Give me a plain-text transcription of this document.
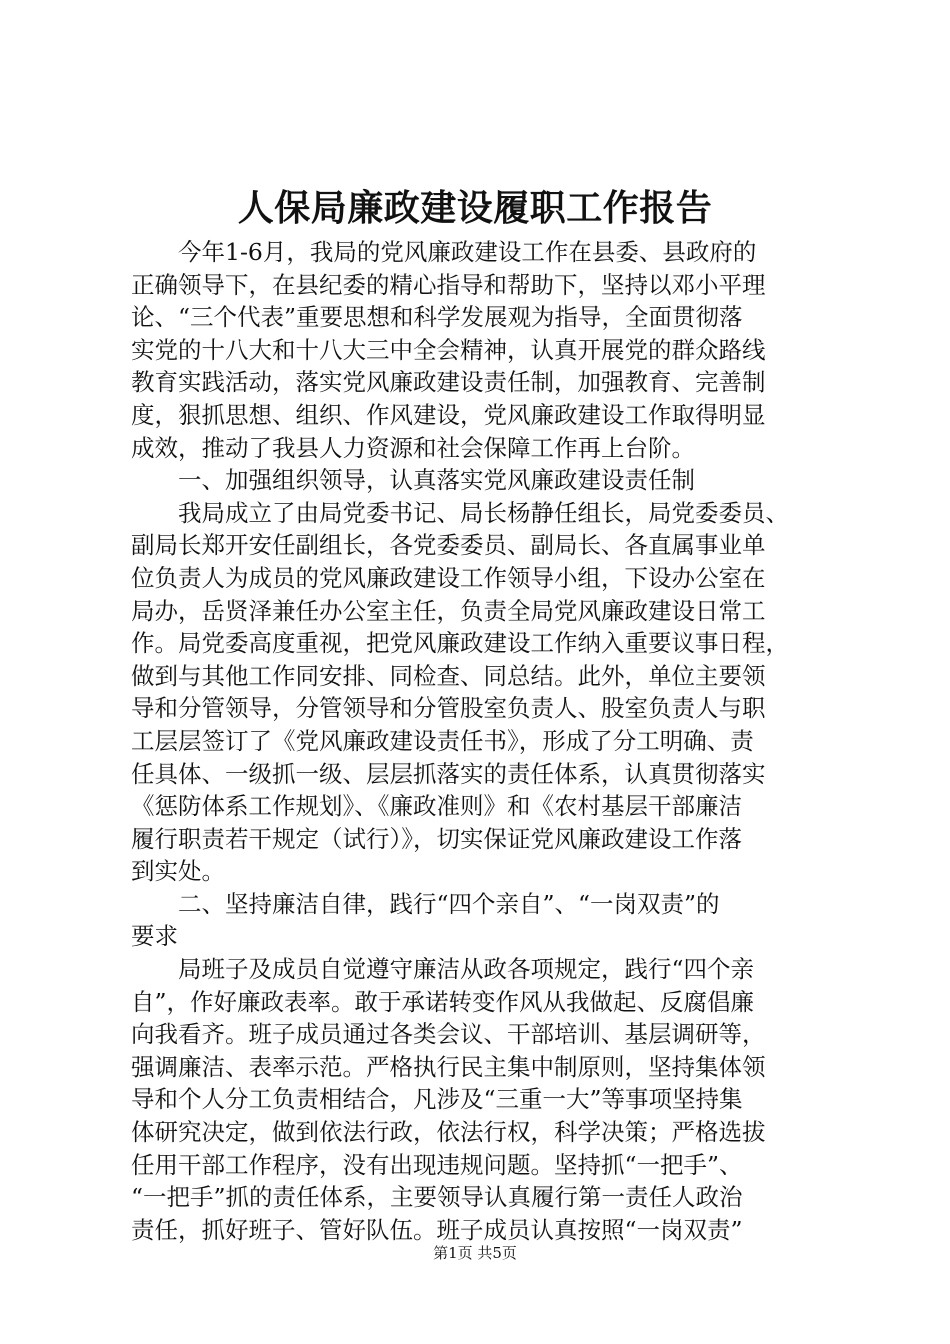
人保局廉政建设履职工作报告
今年1-6月，我局的党风廉政建设工作在县委、县政府的
正确领导下，在县纪委的精心指导和帮助下，坚持以邓小平理
论、“三个代表”重要思想和科学发展观为指导，全面贯彻落
实党的十八大和十八大三中全会精神，认真开展党的群众路线
教育实践活动，落实党风廉政建设责任制，加强教育、完善制
度，狠抓思想、组织、作风建设，党风廉政建设工作取得明显
成效，推动了我县人力资源和社会保障工作再上台阶。
一、加强组织领导，认真落实党风廉政建设责任制
我局成立了由局党委书记、局长杨静任组长，局党委委员、
副局长郑开安任副组长，各党委委员、副局长、各直属事业单
位负责人为成员的党风廉政建设工作领导小组，下设办公室在
局办，岳贤泽兼任办公室主任，负责全局党风廉政建设日常工
作。局党委高度重视，把党风廉政建设工作纳入重要议事日程，
做到与其他工作同安排、同检查、同总结。此外，单位主要领
导和分管领导，分管领导和分管股室负责人、股室负责人与职
工层层签订了《党风廉政建设责任书》，形成了分工明确、责
任具体、一级抓一级、层层抓落实的责任体系，认真贯彻落实
《惩防体系工作规划》、《廉政准则》和《农村基层干部廉洁
履行职责若干规定（试行）》，切实保证党风廉政建设工作落
到实处。
二、坚持廉洁自律，践行“四个亲自”、“一岗双责”的
要求
局班子及成员自觉遵守廉洁从政各项规定，践行“四个亲
自”，作好廉政表率。敢于承诺转变作风从我做起、反腐倡廉
向我看齐。班子成员通过各类会议、干部培训、基层调研等，
强调廉洁、表率示范。严格执行民主集中制原则，坚持集体领
导和个人分工负责相结合，凡涉及“三重一大”等事项坚持集
体研究决定，做到依法行政，依法行权，科学决策；严格选拔
任用干部工作程序，没有出现违规问题。坚持抓“一把手”、
“一把手”抓的责任体系，主要领导认真履行第一责任人政治
责任，抓好班子、管好队伍。班子成员认真按照“一岗双责”
第1页 共5页
